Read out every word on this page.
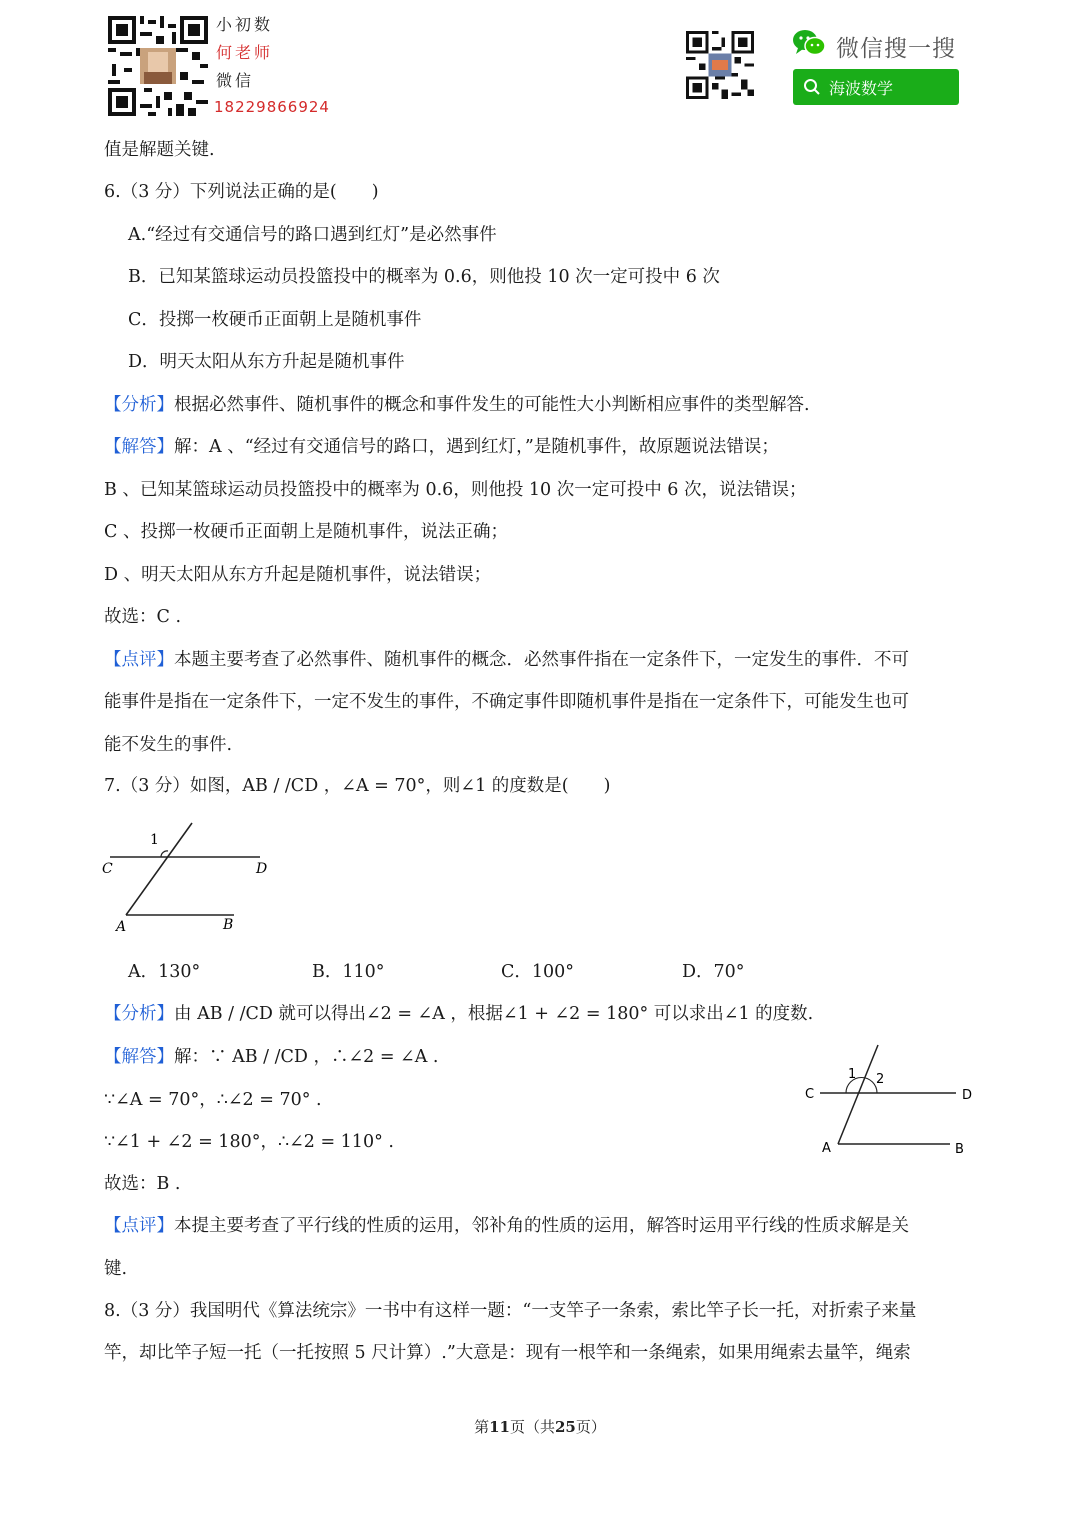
小初数
何老师
微信
18229866924
微信搜一搜
海波数学
值是解题关键.
6.（3 分）下列说法正确的是(　　)
A.“经过有交通信号的路口遇到红灯”是必然事件
B．已知某篮球运动员投篮投中的概率为 0.6，则他投 10 次一定可投中 6 次
C．投掷一枚硬币正面朝上是随机事件
D．明天太阳从东方升起是随机事件
【分析】根据必然事件、随机事件的概念和事件发生的可能性大小判断相应事件的类型解答.
【解答】解：A 、“经过有交通信号的路口，遇到红灯，”是随机事件，故原题说法错误；
B 、已知某篮球运动员投篮投中的概率为 0.6，则他投 10 次一定可投中 6 次，说法错误；
C 、投掷一枚硬币正面朝上是随机事件，说法正确；
D 、明天太阳从东方升起是随机事件，说法错误；
故选：C .
【点评】本题主要考查了必然事件、随机事件的概念．必然事件指在一定条件下，一定发生的事件．不可
能事件是指在一定条件下，一定不发生的事件，不确定事件即随机事件是指在一定条件下，可能发生也可
能不发生的事件.
7.（3 分）如图，AB / /CD ，∠A = 70°，则∠1 的度数是(　　)
1
C	D
A	B
A．130°	B．110°	C．100°	D．70°
【分析】由 AB / /CD 就可以得出∠2 = ∠A ，根据∠1 + ∠2 = 180° 可以求出∠1 的度数.
【解答】解：∵ AB / /CD ，∴∠2 = ∠A .
∵∠A = 70°，∴∠2 = 70° .
∵∠1 + ∠2 = 180°，∴∠2 = 110° .
故选：B .
1 2
C	D
A	B
【点评】本提主要考查了平行线的性质的运用，邻补角的性质的运用，解答时运用平行线的性质求解是关
键.
8.（3 分）我国明代《算法统宗》一书中有这样一题：“一支竿子一条索，索比竿子长一托，对折索子来量
竿，却比竿子短一托（一托按照 5 尺计算）.”大意是：现有一根竿和一条绳索，如果用绳索去量竿，绳索
第11页（共25页）
